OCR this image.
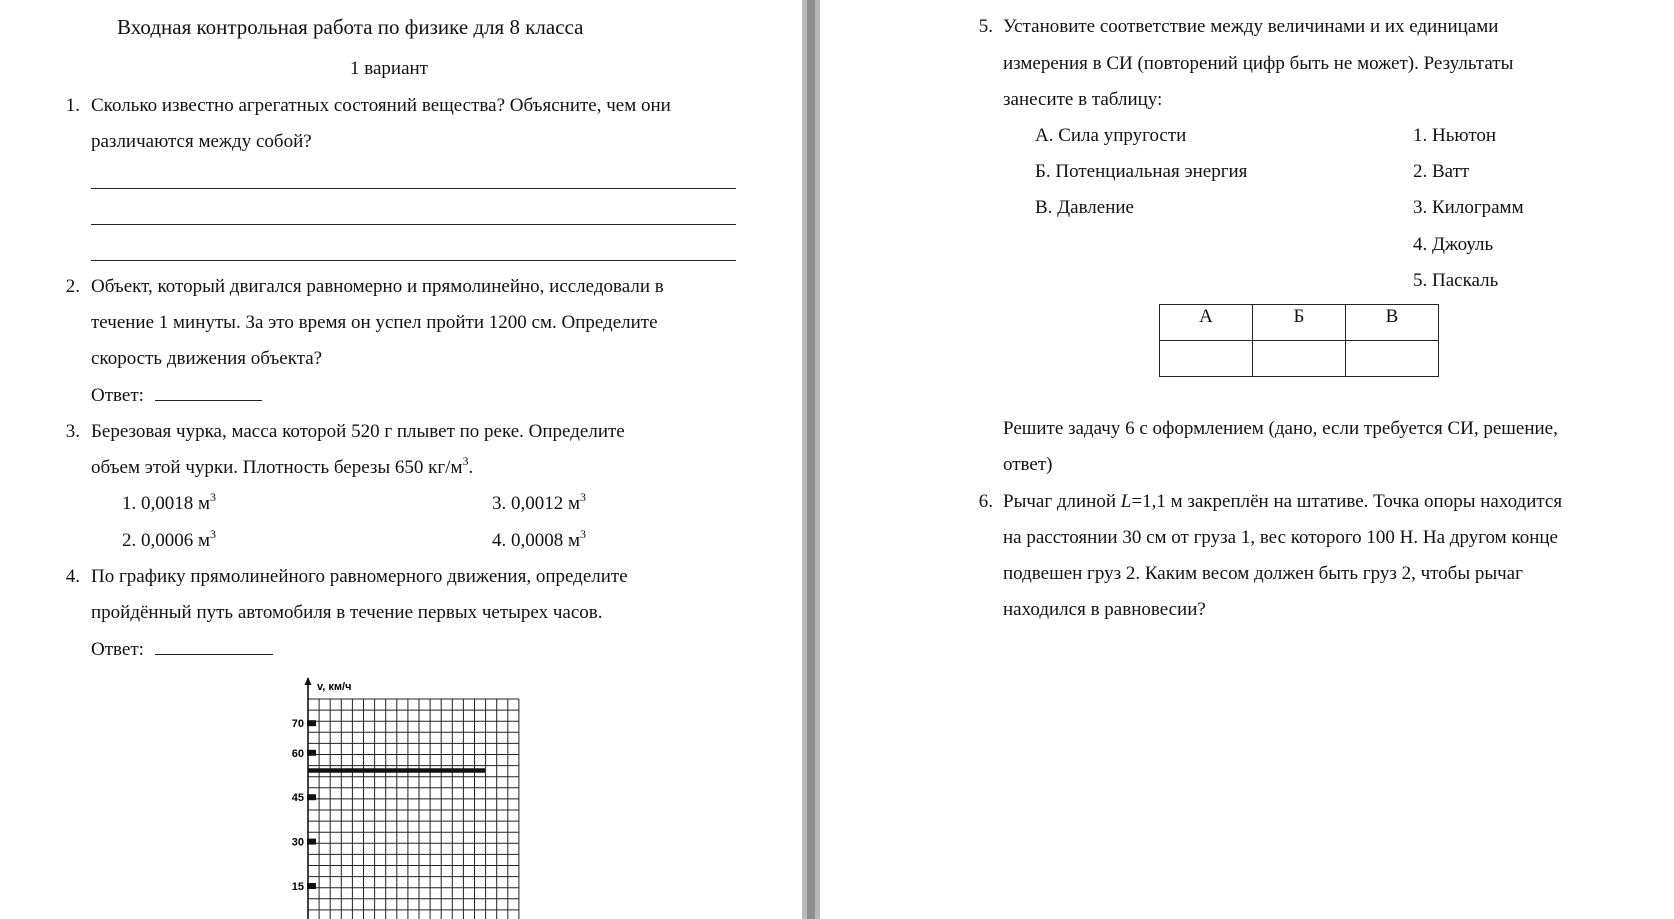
Входная контрольная работа по физике для 8 класса
1 вариант
1. Сколько известно агрегатных состояний вещества? Объясните, чем они
различаются между собой?
2. Объект, который двигался равномерно и прямолинейно, исследовали в
течение 1 минуты. За это время он успел пройти 1200 см. Определите
скорость движения объекта?
Ответ:
3. Березовая чурка, масса которой 520 г плывет по реке. Определите
объем этой чурки. Плотность березы 650 $кг/м^3$.
1. 0,0018 $м^3$	3. 0,0012 $м^3$
2. 0,0006 $м^3$	4. 0,0008 $м^3$
4. По графику прямолинейного равномерного движения, определите
пройдённый путь автомобиля в течение первых четырех часов.
Ответ:
15
30
45
60
70
v, км/ч
5. Установите соответствие между величинами и их единицами
измерения в СИ (повторений цифр быть не может). Результаты
занесите в таблицу:
А. Сила упругости
Б. Потенциальная энергия
В. Давление
1. Ньютон
2. Ватт
3. Килограмм
4. Джоуль
5. Паскаль
Решите задачу 6 с оформлением (дано, если требуется СИ, решение,
ответ)
6. Рычаг длиной L=1,1 м закреплён на штативе. Точка опоры находится
на расстоянии 30 см от груза 1, вес которого 100 Н. На другом конце
подвешен груз 2. Каким весом должен быть груз 2, чтобы рычаг
находился в равновесии?
А	Б	В
